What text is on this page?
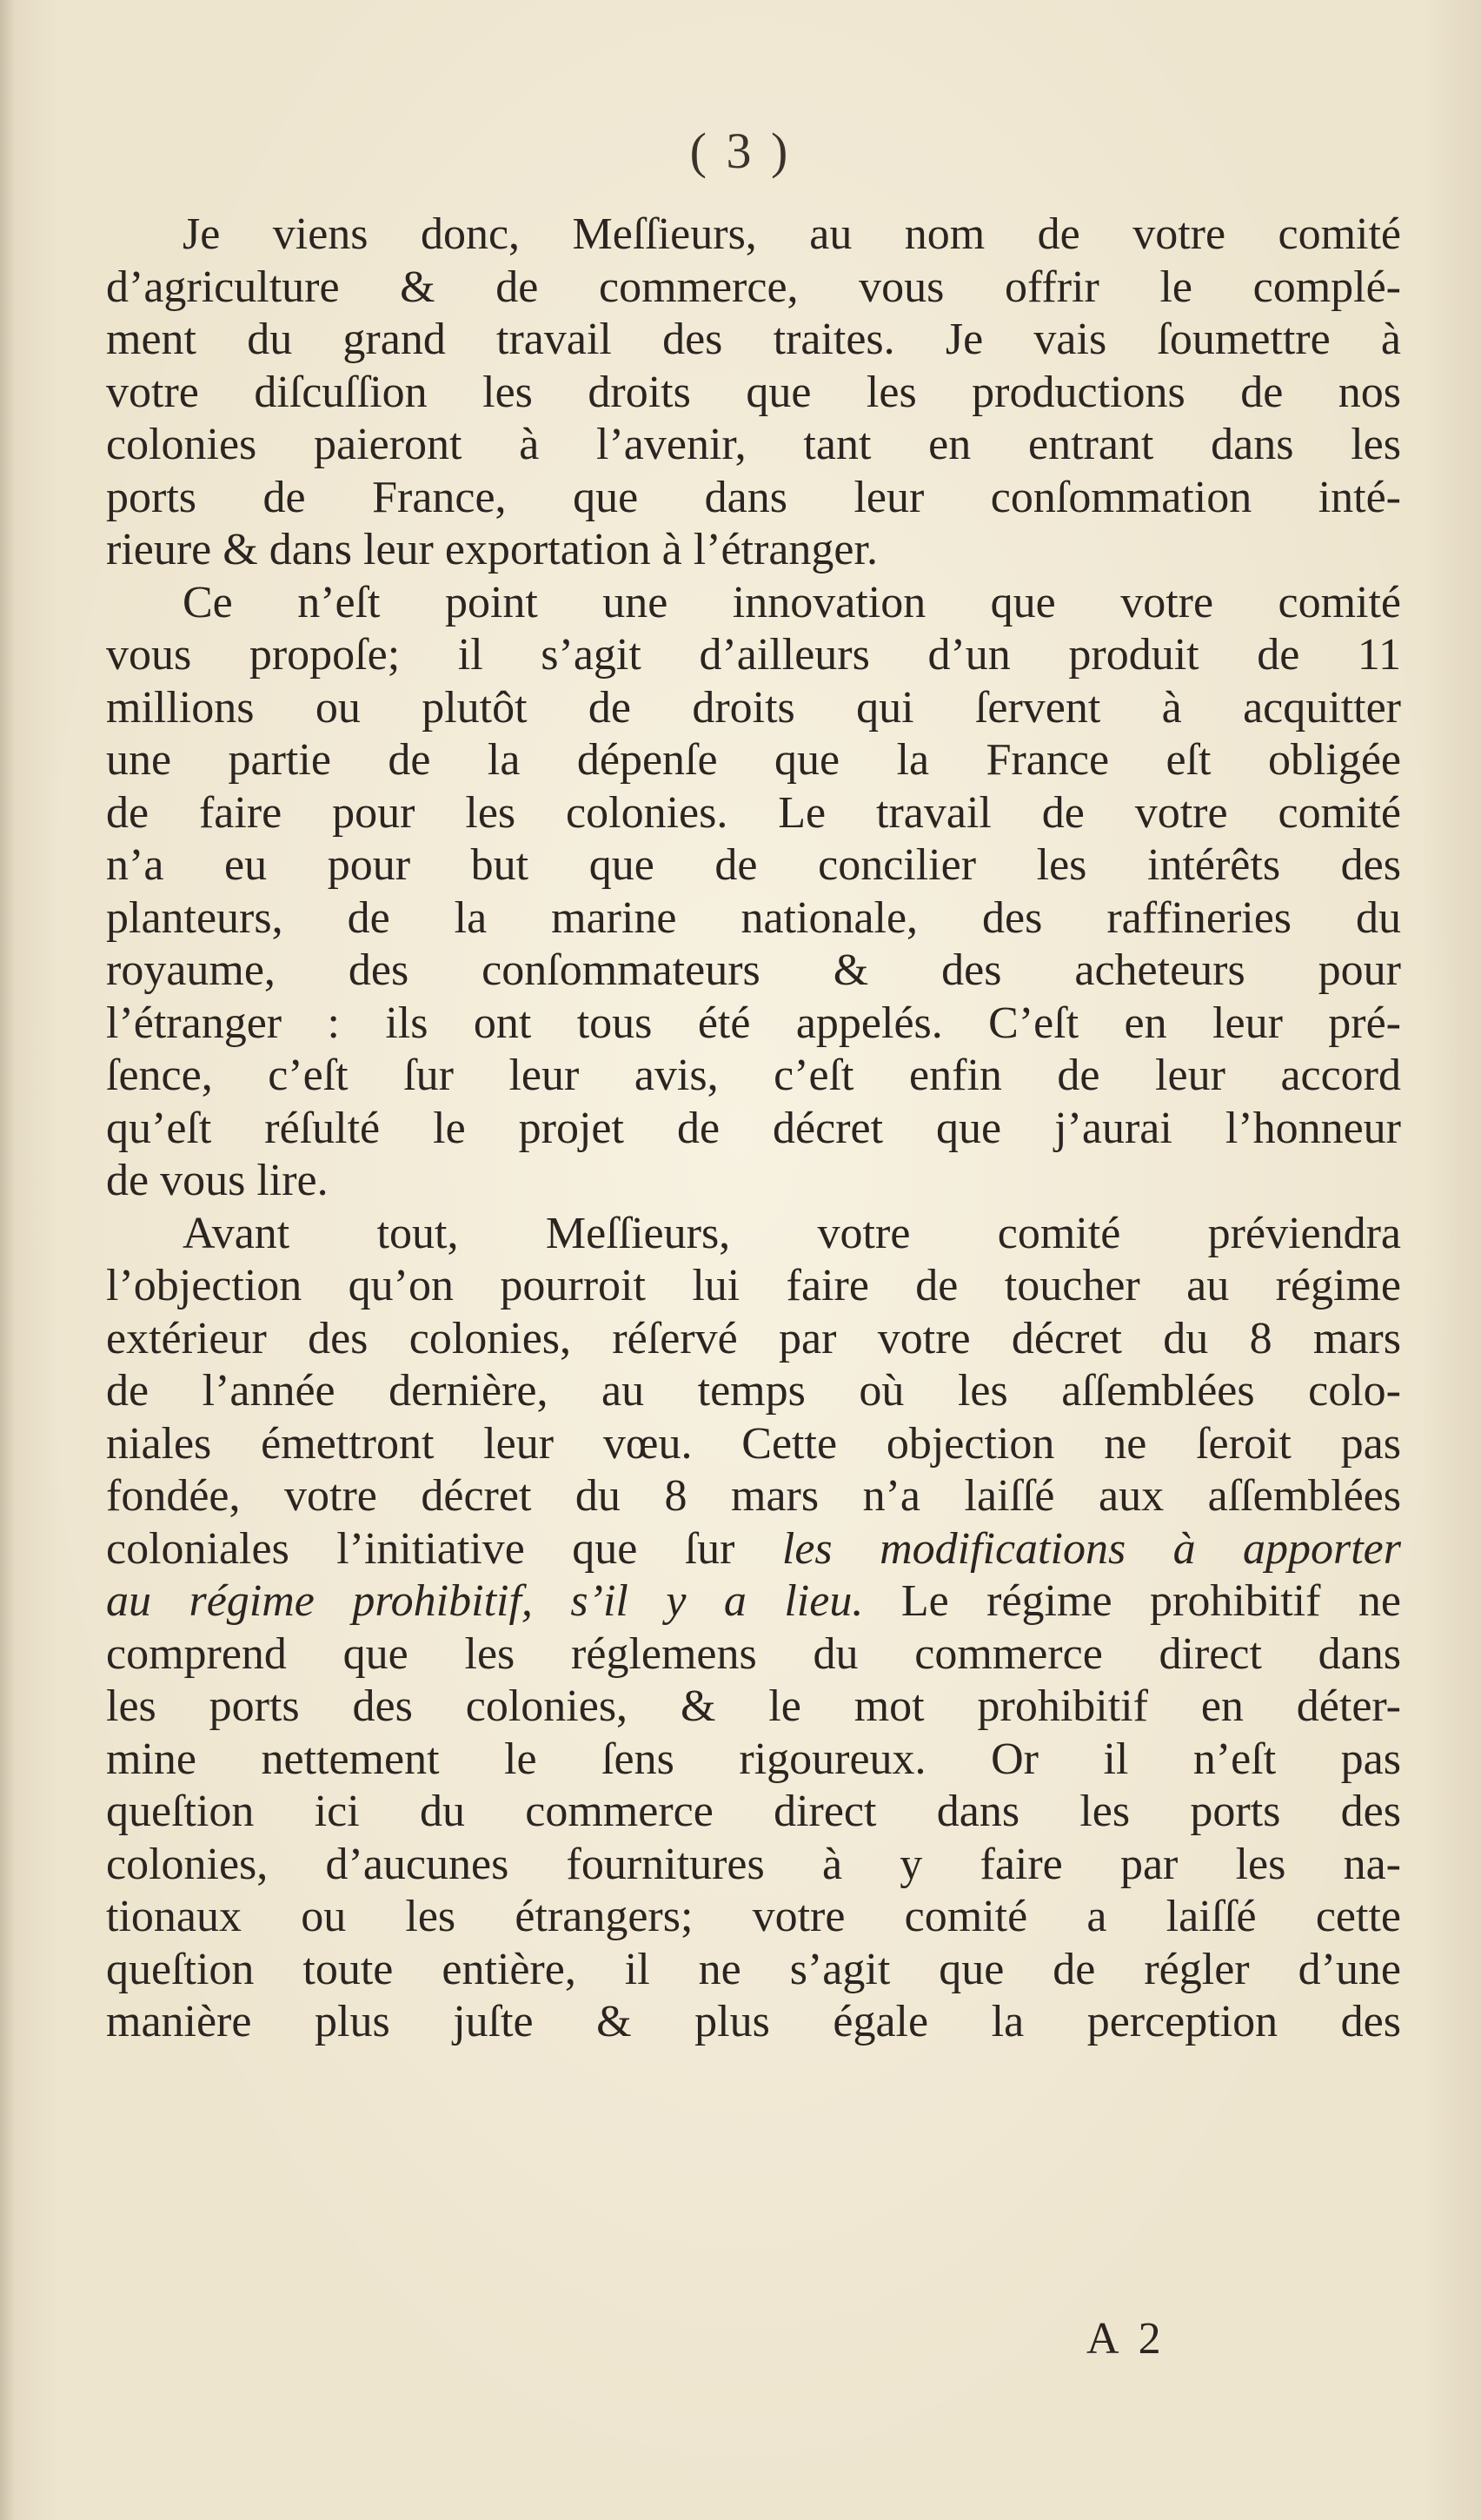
( 3 )
Je viens donc, Meſſieurs, au nom de votre comité
d’agriculture & de commerce, vous offrir le complé-
ment du grand travail des traites. Je vais ſoumettre à
votre diſcuſſion les droits que les productions de nos
colonies paieront à l’avenir, tant en entrant dans les
ports de France, que dans leur conſommation inté-
rieure & dans leur exportation à l’étranger.
Ce n’eſt point une innovation que votre comité
vous propoſe; il s’agit d’ailleurs d’un produit de 11
millions ou plutôt de droits qui ſervent à acquitter
une partie de la dépenſe que la France eſt obligée
de faire pour les colonies. Le travail de votre comité
n’a eu pour but que de concilier les intérêts des
planteurs, de la marine nationale, des raffineries du
royaume, des conſommateurs & des acheteurs pour
l’étranger : ils ont tous été appelés. C’eſt en leur pré-
ſence, c’eſt ſur leur avis, c’eſt enfin de leur accord
qu’eſt réſulté le projet de décret que j’aurai l’honneur
de vous lire.
Avant tout, Meſſieurs, votre comité préviendra
l’objection qu’on pourroit lui faire de toucher au régime
extérieur des colonies, réſervé par votre décret du 8 mars
de l’année dernière, au temps où les aſſemblées colo-
niales émettront leur vœu. Cette objection ne ſeroit pas
fondée, votre décret du 8 mars n’a laiſſé aux aſſemblées
coloniales l’initiative que ſur les modifications à apporter
au régime prohibitif, s’il y a lieu. Le régime prohibitif ne
comprend que les réglemens du commerce direct dans
les ports des colonies, & le mot prohibitif en déter-
mine nettement le ſens rigoureux. Or il n’eſt pas
queſtion ici du commerce direct dans les ports des
colonies, d’aucunes fournitures à y faire par les na-
tionaux ou les étrangers; votre comité a laiſſé cette
queſtion toute entière, il ne s’agit que de régler d’une
manière plus juſte & plus égale la perception des
A 2
